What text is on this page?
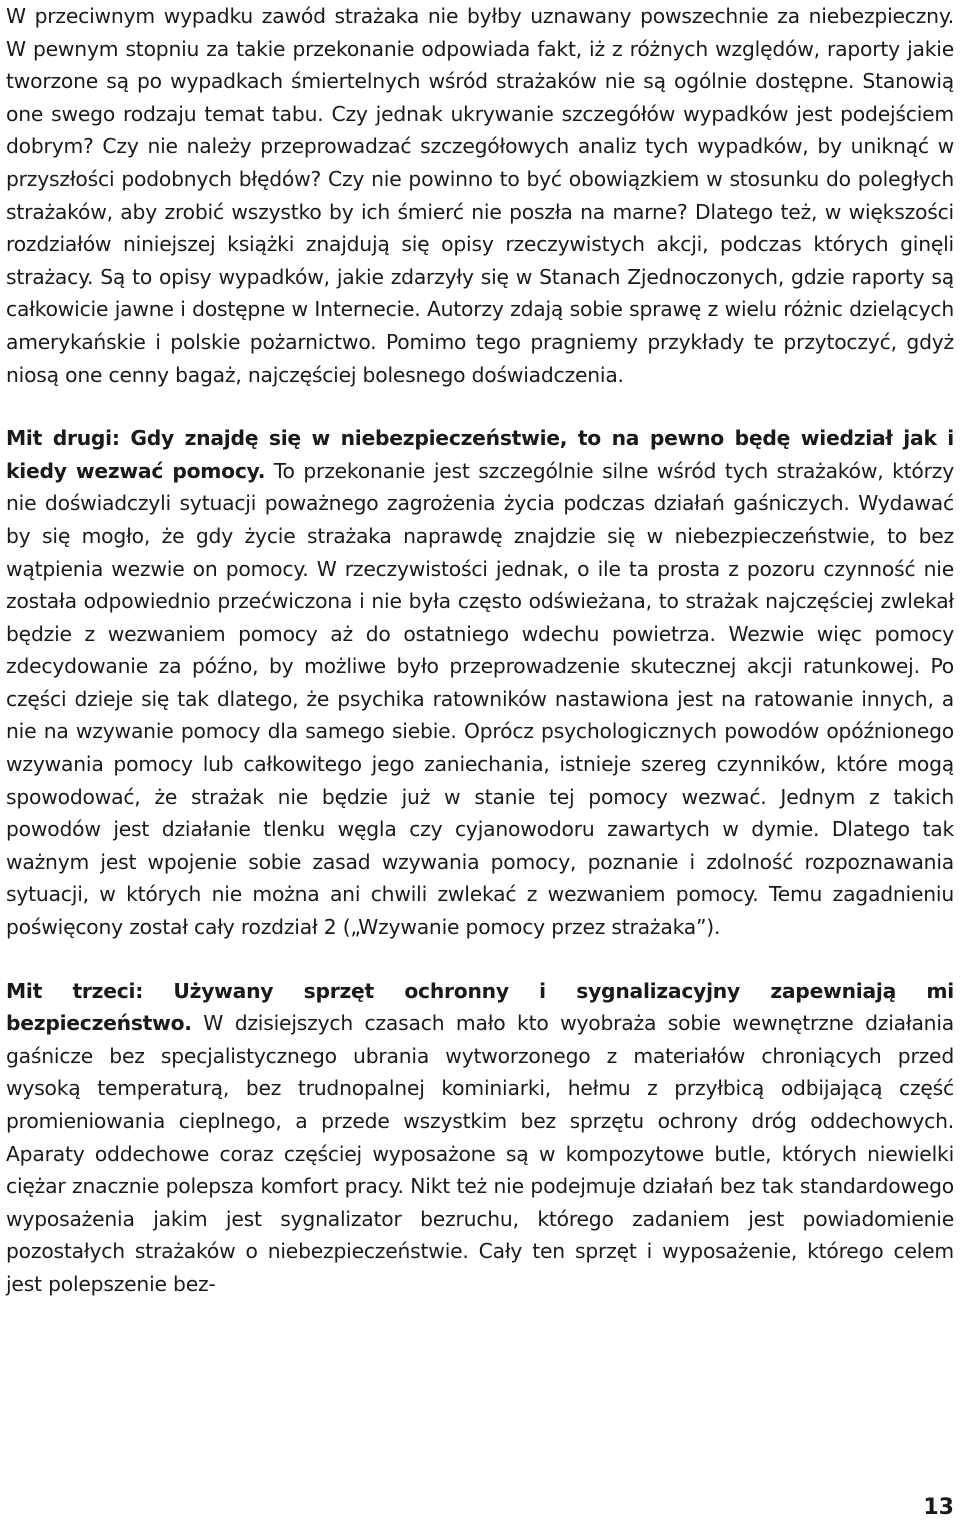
W przeciwnym wypadku zawód strażaka nie byłby uznawany powszechnie za niebezpieczny. W pewnym stopniu za takie przekonanie odpowiada fakt, iż z różnych względów, raporty jakie tworzone są po wypadkach śmiertelnych wśród strażaków nie są ogólnie dostępne. Stanowią one swego rodzaju temat tabu. Czy jednak ukrywanie szczegółów wypadków jest podejściem dobrym? Czy nie należy przeprowadzać szczegółowych analiz tych wypadków, by uniknąć w przyszłości podobnych błędów? Czy nie powinno to być obowiązkiem w stosunku do poległych strażaków, aby zrobić wszystko by ich śmierć nie poszła na marne? Dlatego też, w większości rozdziałów niniejszej książki znajdują się opisy rzeczywistych akcji, podczas których ginęli strażacy. Są to opisy wypadków, jakie zdarzyły się w Stanach Zjednoczonych, gdzie raporty są całkowicie jawne i dostępne w Internecie. Autorzy zdają sobie sprawę z wielu różnic dzielących amerykańskie i polskie pożarnictwo. Pomimo tego pragniemy przykłady te przytoczyć, gdyż niosą one cenny bagaż, najczęściej bolesnego doświadczenia.

Mit drugi: Gdy znajdę się w niebezpieczeństwie, to na pewno będę wiedział jak i kiedy wezwać pomocy. To przekonanie jest szczególnie silne wśród tych strażaków, którzy nie doświadczyli sytuacji poważnego zagrożenia życia podczas działań gaśniczych. Wydawać by się mogło, że gdy życie strażaka naprawdę znajdzie się w niebezpieczeństwie, to bez wątpienia wezwie on pomocy. W rzeczywistości jednak, o ile ta prosta z pozoru czynność nie została odpowiednio przećwiczona i nie była często odświeżana, to strażak najczęściej zwlekał będzie z wezwaniem pomocy aż do ostatniego wdechu powietrza. Wezwie więc pomocy zdecydowanie za późno, by możliwe było przeprowadzenie skutecznej akcji ratunkowej. Po części dzieje się tak dlatego, że psychika ratowników nastawiona jest na ratowanie innych, a nie na wzywanie pomocy dla samego siebie. Oprócz psychologicznych powodów opóźnionego wzywania pomocy lub całkowitego jego zaniechania, istnieje szereg czynników, które mogą spowodować, że strażak nie będzie już w stanie tej pomocy wezwać. Jednym z takich powodów jest działanie tlenku węgla czy cyjanowodoru zawartych w dymie. Dlatego tak ważnym jest wpojenie sobie zasad wzywania pomocy, poznanie i zdolność rozpoznawania sytuacji, w których nie można ani chwili zwlekać z wezwaniem pomocy. Temu zagadnieniu poświęcony został cały rozdział 2 („Wzywanie pomocy przez strażaka”).

Mit trzeci: Używany sprzęt ochronny i sygnalizacyjny zapewniają mi bezpieczeństwo. W dzisiejszych czasach mało kto wyobraża sobie wewnętrzne działania gaśnicze bez specjalistycznego ubrania wytworzonego z materiałów chroniących przed wysoką temperaturą, bez trudnopalnej kominiarki, hełmu z przyłbicą odbijającą część promieniowania cieplnego, a przede wszystkim bez sprzętu ochrony dróg oddechowych. Aparaty oddechowe coraz częściej wyposażone są w kompozytowe butle, których niewielki ciężar znacznie polepsza komfort pracy. Nikt też nie podejmuje działań bez tak standardowego wyposażenia jakim jest sygnalizator bezruchu, którego zadaniem jest powiadomienie pozostałych strażaków o niebezpieczeństwie. Cały ten sprzęt i wyposażenie, którego celem jest polepszenie bez-

13
